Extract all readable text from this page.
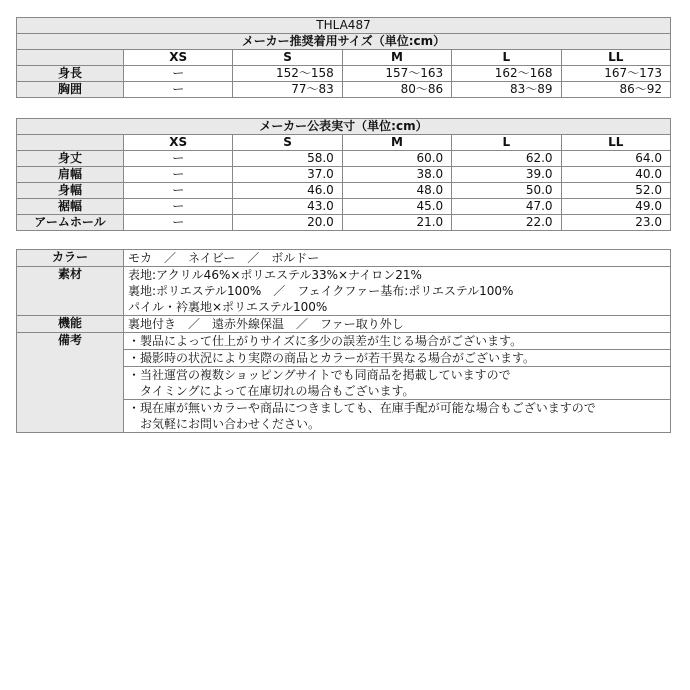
THLA487					
メーカー推奨着用サイズ（単位:cm）					
	XS	S	M	L	LL
身長	ー	152〜158	157〜163	162〜168	167〜173
胸囲	ー	77〜83	80〜86	83〜89	86〜92
メーカー公表実寸（単位:cm）					
	XS	S	M	L	LL
身丈	ー	58.0	60.0	62.0	64.0
肩幅	ー	37.0	38.0	39.0	40.0
身幅	ー	46.0	48.0	50.0	52.0
裾幅	ー	43.0	45.0	47.0	49.0
アームホール	ー	20.0	21.0	22.0	23.0
カラー	モカ　／　ネイビー　／　ボルドー
素材	表地:アクリル46%×ポリエステル33%×ナイロン21%
裏地:ポリエステル100%　／　フェイクファー基布:ポリエステル100%
パイル・衿裏地×ポリエステル100%

機能	裏地付き　／　遠赤外線保温　／　ファー取り外し
備考	・製品によって仕上がりサイズに多少の誤差が生じる場合がございます。

	・撮影時の状況により実際の商品とカラーが若干異なる場合がございます。

	・当社運営の複数ショッピングサイトでも同商品を掲載していますので
　タイミングによって在庫切れの場合もございます。

	・現在庫が無いカラーや商品につきましても、在庫手配が可能な場合もございますので
　お気軽にお問い合わせください。
